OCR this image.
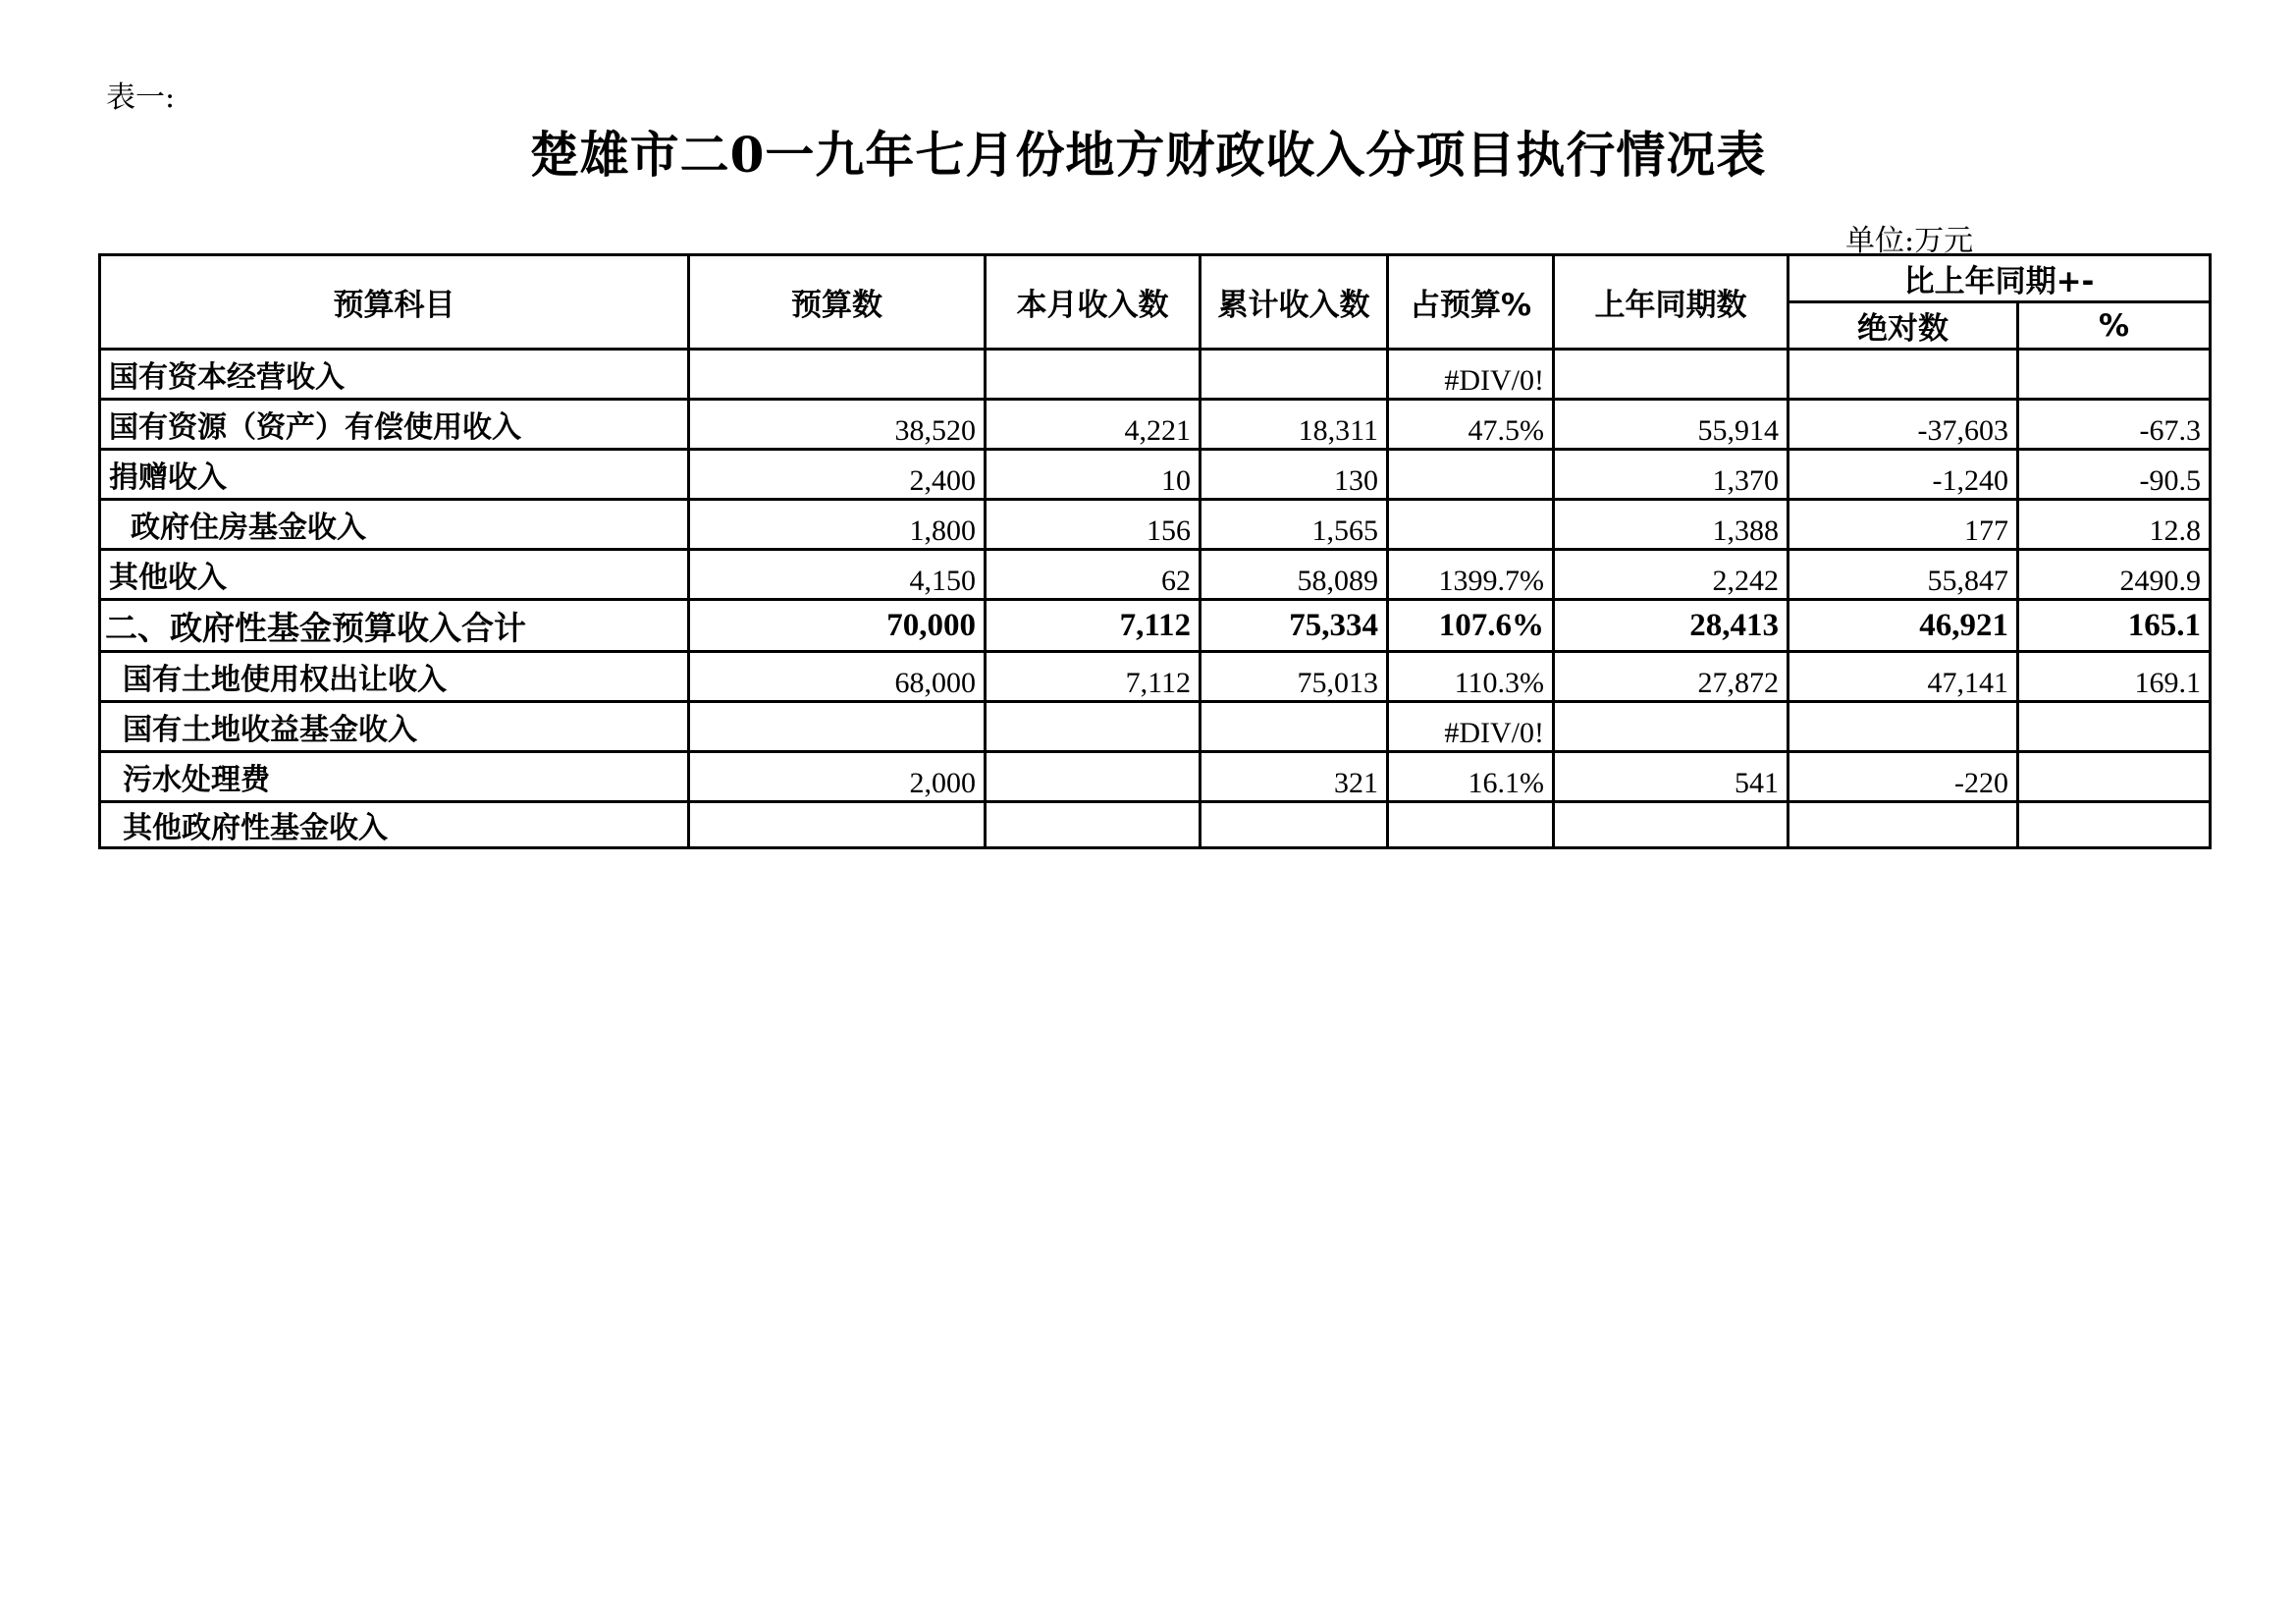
表一:
楚雄市二0一九年七月份地方财政收入分项目执行情况表
单位:万元
预算科目	预算数	本月收入数	累计收入数	占预算%	上年同期数	比上年同期+-	
						绝对数	%
国有资本经营收入				#DIV/0!			
国有资源（资产）有偿使用收入	38,520	4,221	18,311	47.5%	55,914	-37,603	-67.3
捐赠收入	2,400	10	130		1,370	-1,240	-90.5
政府住房基金收入	1,800	156	1,565		1,388	177	12.8
其他收入	4,150	62	58,089	1399.7%	2,242	55,847	2490.9
二、政府性基金预算收入合计	70,000	7,112	75,334	107.6%	28,413	46,921	165.1
国有土地使用权出让收入	68,000	7,112	75,013	110.3%	27,872	47,141	169.1
国有土地收益基金收入				#DIV/0!			
污水处理费	2,000		321	16.1%	541	-220	
其他政府性基金收入							
